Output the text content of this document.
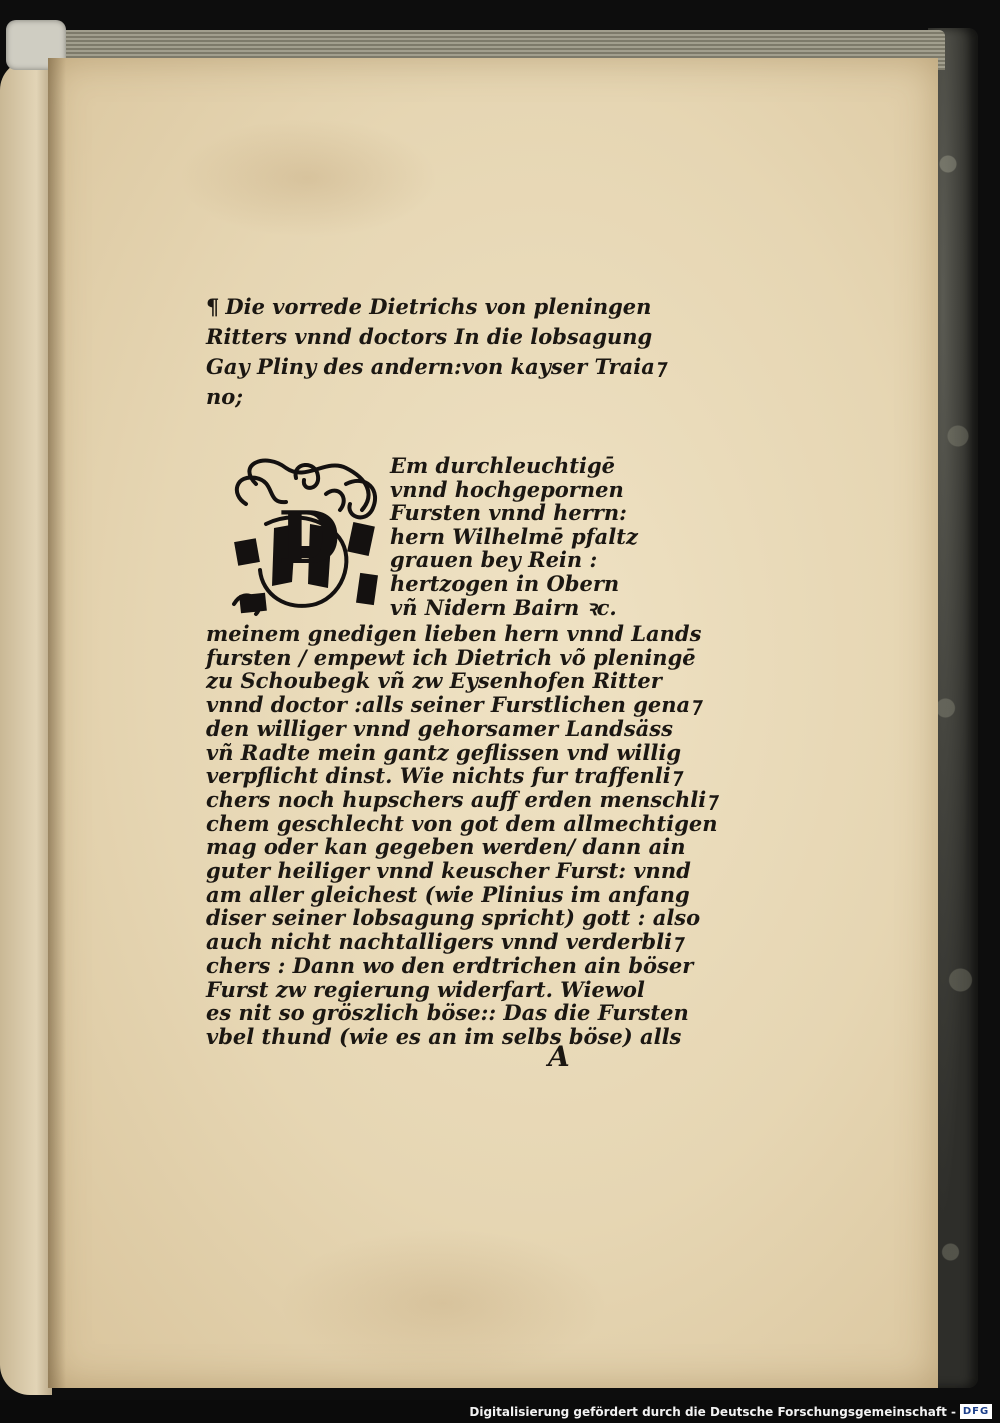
¶ Die vorrede Dietrichs von pleningen
Ritters vnnd doctors In die lobsagung
Gay Pliny des andern:von kayser Traia⁊
no;

D
Em durchleuchtigē
vnnd hochgepornen
Fursten vnnd herrn:
hern Wilhelmē pfaltz
grauen bey Rein :
hertzogen in Obern
vñ Nidern Bairn ꝛc.
meinem gnedigen lieben hern vnnd Lands
fursten / empewt ich Dietrich võ pleningē
zu Schoubegk vñ zw Eysenhofen Ritter
vnnd doctor :alls seiner Furstlichen gena⁊
den williger vnnd gehorsamer Landsäss
vñ Radte mein gantz geflissen vnd willig
verpflicht dinst. Wie nichts fur traffenli⁊
chers noch hupschers auff erden menschli⁊
chem geschlecht von got dem allmechtigen
mag oder kan gegeben werden/ dann ain
guter heiliger vnnd keuscher Furst: vnnd
am aller gleichest (wie Plinius im anfang
diser seiner lobsagung spricht) gott : also
auch nicht nachtalligers vnnd verderbli⁊
chers : Dann wo den erdtrichen ain böser
Furst zw regierung widerfart. Wiewol
es nit so gröszlich böse:: Das die Fursten
vbel thund (wie es an im selbs böse) alls
A
Digitalisierung gefördert durch die Deutsche Forschungsgemeinschaft - DFG
